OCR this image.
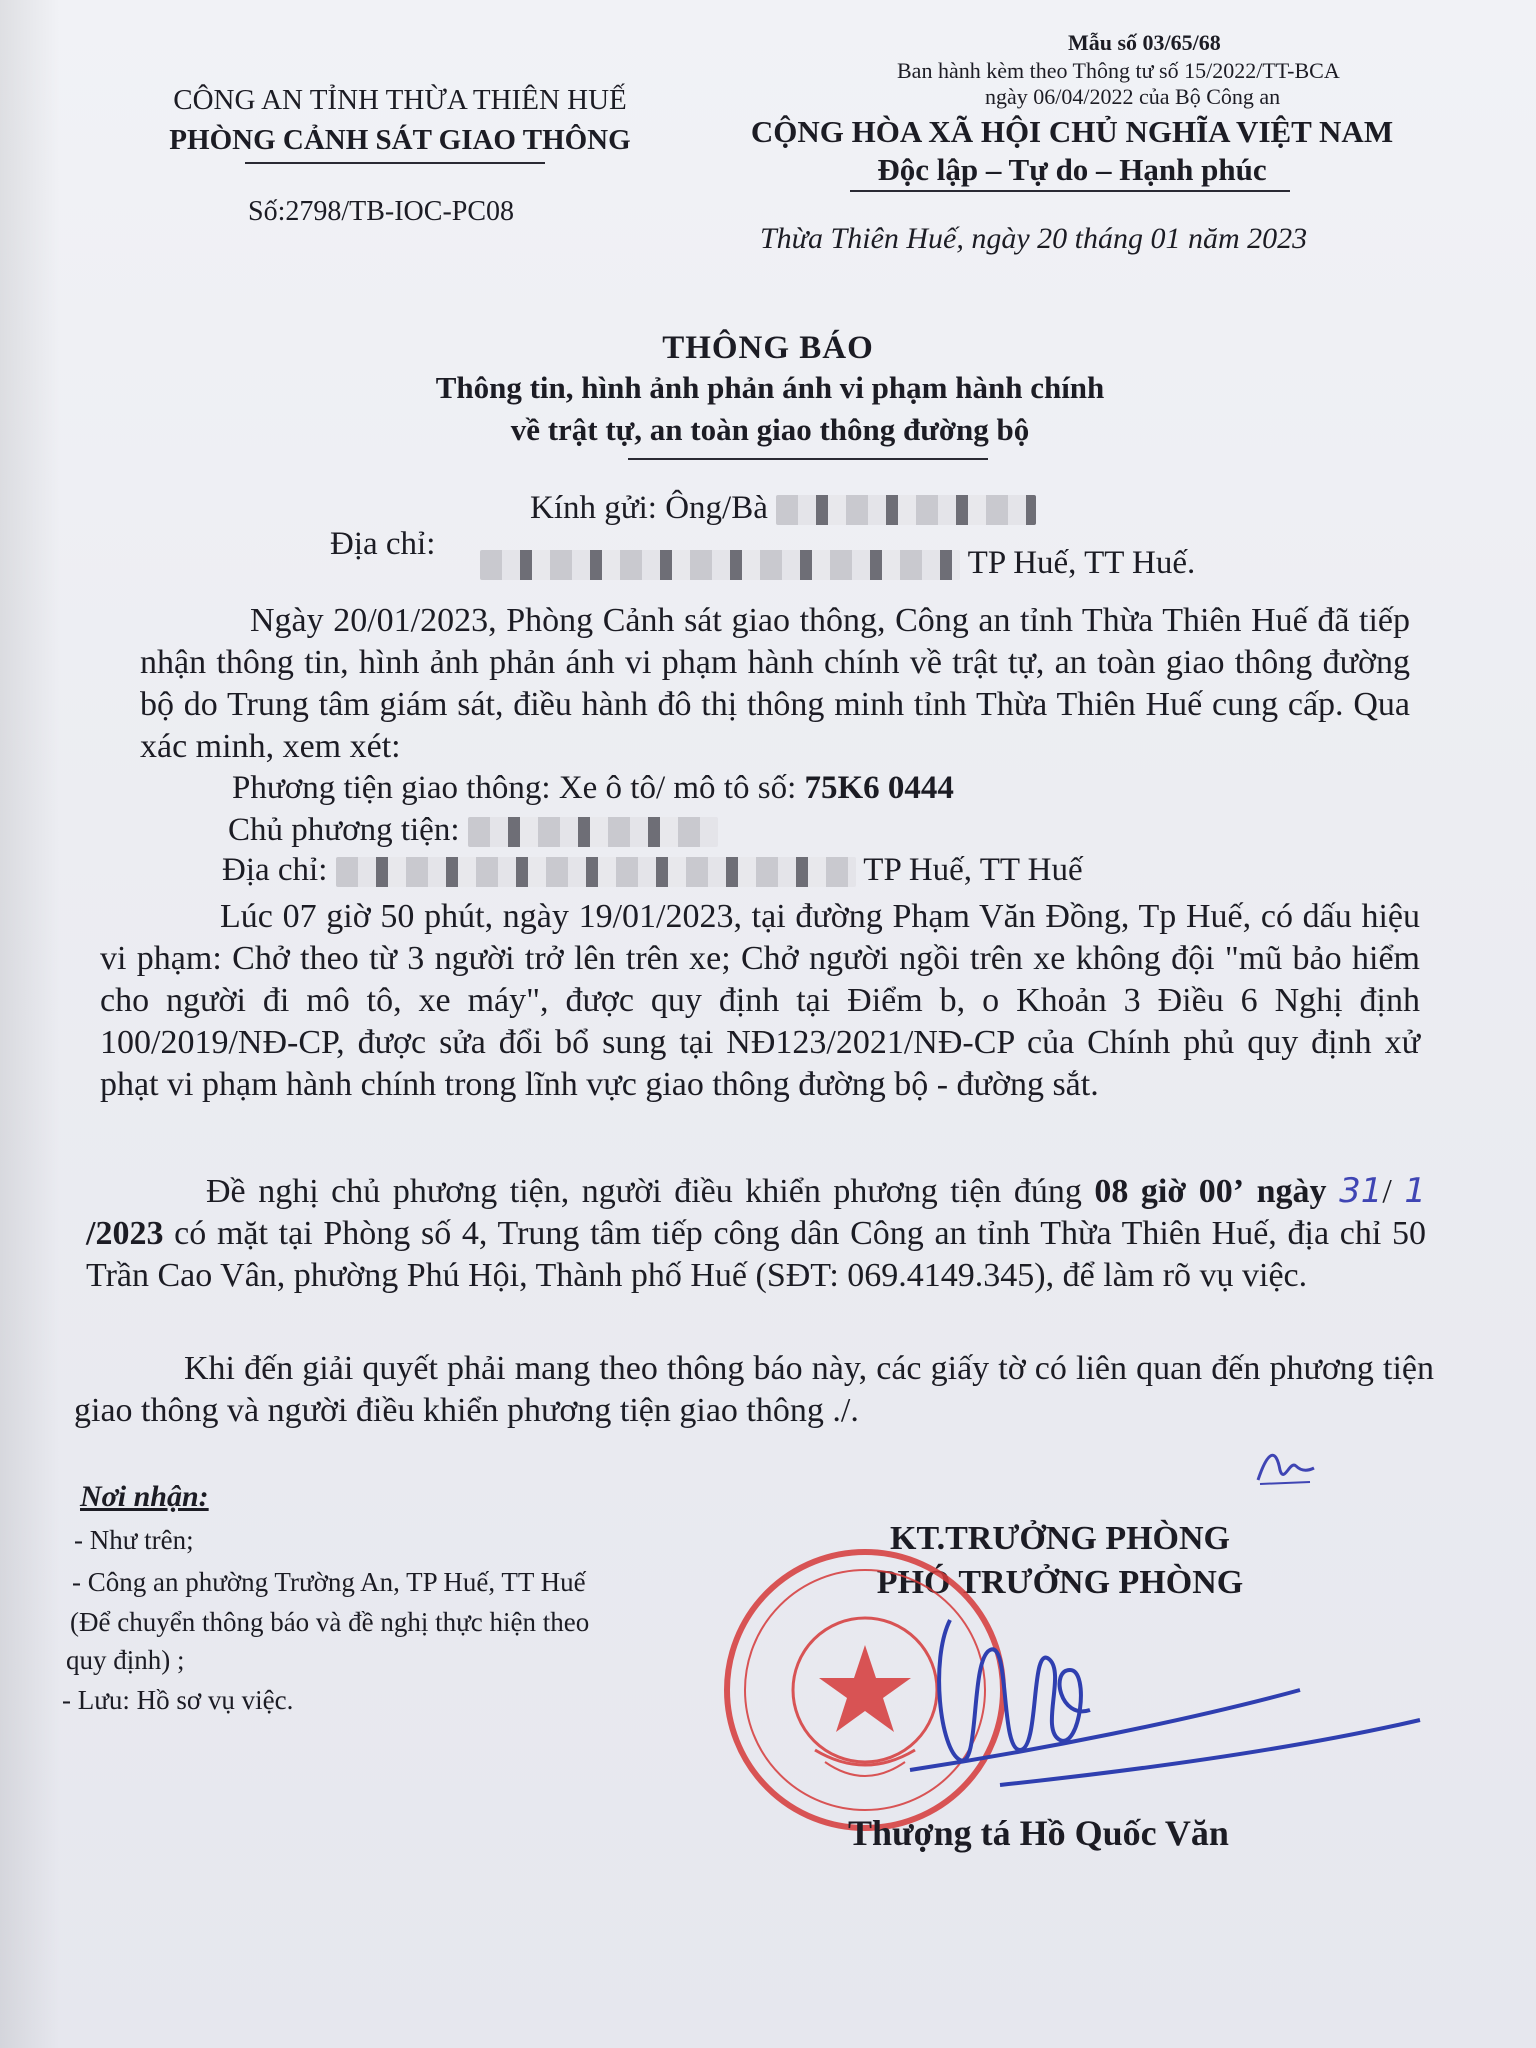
Mẫu số 03/65/68
Ban hành kèm theo Thông tư số 15/2022/TT-BCA
ngày 06/04/2022 của Bộ Công an
CÔNG AN TỈNH THỪA THIÊN HUẾ
PHÒNG CẢNH SÁT GIAO THÔNG
Số:2798/TB-IOC-PC08
CỘNG HÒA XÃ HỘI CHỦ NGHĨA VIỆT NAM
Độc lập – Tự do – Hạnh phúc
Thừa Thiên Huế, ngày 20 tháng 01 năm 2023
THÔNG BÁO
Thông tin, hình ảnh phản ánh vi phạm hành chính
về trật tự, an toàn giao thông đường bộ
Kính gửi: Ông/Bà
Địa chỉ:
TP Huế, TT Huế.

Ngày 20/01/2023, Phòng Cảnh sát giao thông, Công an tỉnh Thừa Thiên Huế đã tiếp nhận thông tin, hình ảnh phản ánh vi phạm hành chính về trật tự, an toàn giao thông đường bộ do Trung tâm giám sát, điều hành đô thị thông minh tỉnh Thừa Thiên Huế cung cấp. Qua xác minh, xem xét:

Phương tiện giao thông: Xe ô tô/ mô tô số: 75K6 0444
Chủ phương tiện:
Địa chỉ:	TP Huế, TT Huế

Lúc 07 giờ 50 phút, ngày 19/01/2023, tại đường Phạm Văn Đồng, Tp Huế, có dấu hiệu vi phạm: Chở theo từ 3 người trở lên trên xe; Chở người ngồi trên xe không đội "mũ bảo hiểm cho người đi mô tô, xe máy", được quy định tại Điểm b, o Khoản 3 Điều 6 Nghị định 100/2019/NĐ-CP, được sửa đổi bổ sung tại NĐ123/2021/NĐ-CP của Chính phủ quy định xử phạt vi phạm hành chính trong lĩnh vực giao thông đường bộ - đường sắt.

Đề nghị chủ phương tiện, người điều khiển phương tiện đúng 08 giờ 00’ ngày 31/ 1 /2023 có mặt tại Phòng số 4, Trung tâm tiếp công dân Công an tỉnh Thừa Thiên Huế, địa chỉ 50 Trần Cao Vân, phường Phú Hội, Thành phố Huế (SĐT: 069.4149.345), để làm rõ vụ việc.

Khi đến giải quyết phải mang theo thông báo này, các giấy tờ có liên quan đến phương tiện giao thông và người điều khiển phương tiện giao thông ./.

Nơi nhận:
- Như trên;
- Công an phường Trường An, TP Huế, TT Huế
(Để chuyển thông báo và đề nghị thực hiện theo
quy định) ;
- Lưu: Hồ sơ vụ việc.
KT.TRƯỞNG PHÒNG
PHÓ TRƯỞNG PHÒNG
Thượng tá Hồ Quốc Văn
